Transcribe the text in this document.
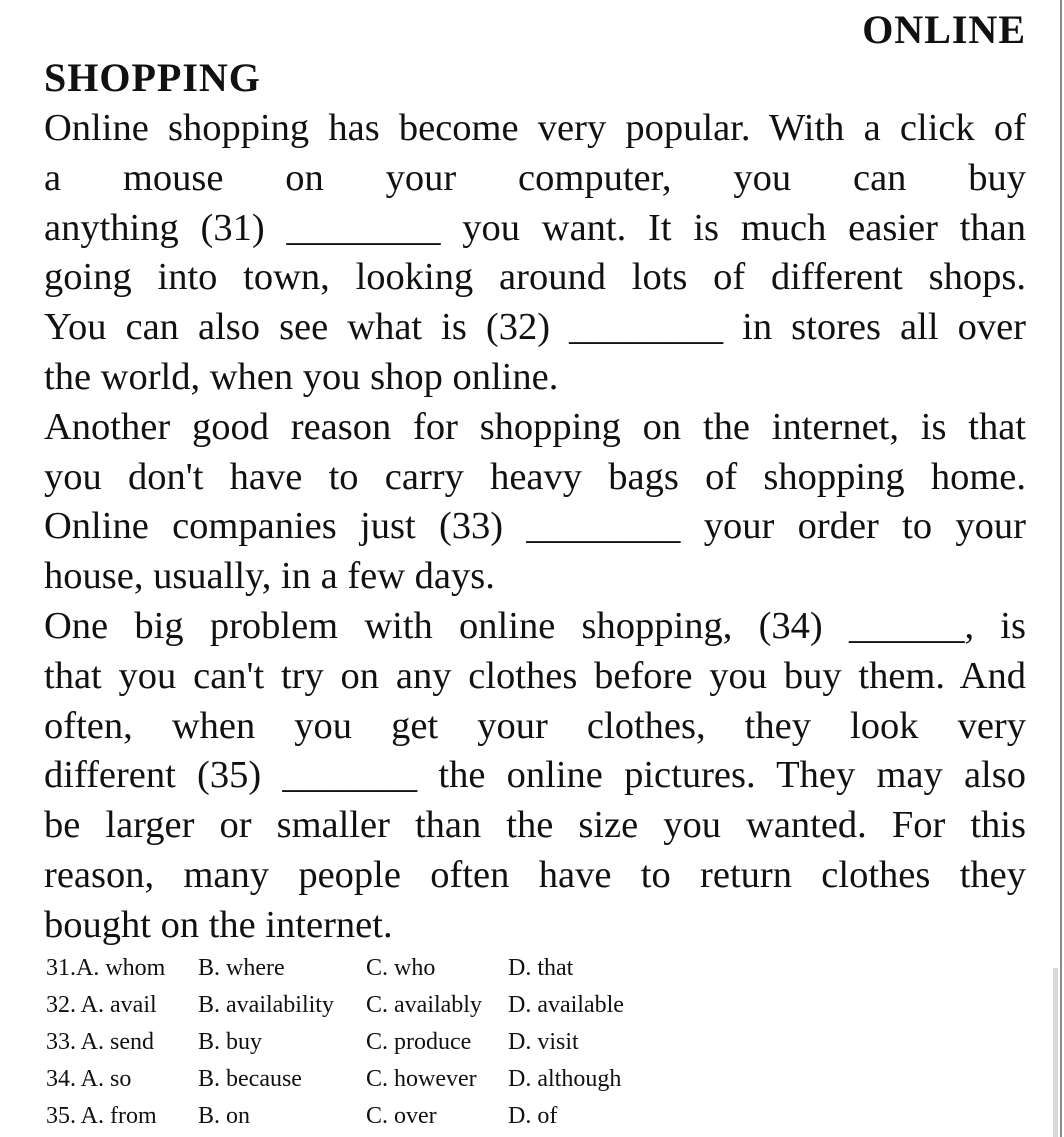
ONLINE
SHOPPING
Online shopping has become very popular. With a click of
a mouse on your computer, you can buy
anything (31) ________ you want. It is much easier than
going into town, looking around lots of different shops.
You can also see what is (32) ________ in stores all over
the world, when you shop online.
Another good reason for shopping on the internet, is that
you don't have to carry heavy bags of shopping home.
Online companies just (33) ________ your order to your
house, usually, in a few days.
One big problem with online shopping, (34) ______, is
that you can't try on any clothes before you buy them. And
often, when you get your clothes, they look very
different (35) _______ the online pictures. They may also
be larger or smaller than the size you wanted. For this
reason, many people often have to return clothes they
bought on the internet.
31.A. whom B. where	C. who	D. that
32. A. avail B. availability C. availably D. available
33. A. send B. buy	C. produce D. visit
34. A. so	B. because	C. however D. although
35. A. from B. on	C. over	D. of
